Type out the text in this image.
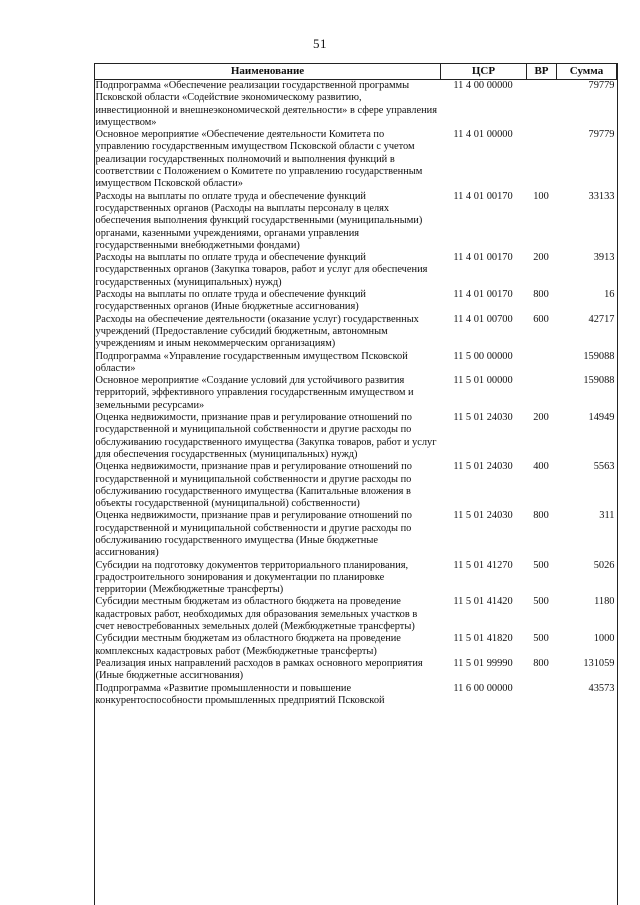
51
Наименование	ЦСР	ВР	Сумма
Подпрограмма «Обеспечение реализации государственной программы Псковской области «Содействие экономическому развитию, инвестиционной и внешнеэкономической деятельности» в сфере управления имуществом»	11 4 00 00000		79779
Основное мероприятие «Обеспечение деятельности Комитета по управлению государственным имуществом Псковской области с учетом реализации государственных полномочий и выполнения функций в соответствии с Положением о Комитете по управлению государственным имуществом Псковской области»	11 4 01 00000		79779
Расходы на выплаты по оплате труда и обеспечение функций государственных органов (Расходы на выплаты персоналу в целях обеспечения выполнения функций государственными (муниципальными) органами, казенными учреждениями, органами управления государственными внебюджетными фондами)	11 4 01 00170	100	33133
Расходы на выплаты по оплате труда и обеспечение функций государственных органов (Закупка товаров, работ и услуг для обеспечения государственных (муниципальных) нужд)	11 4 01 00170	200	3913
Расходы на выплаты по оплате труда и обеспечение функций государственных органов (Иные бюджетные ассигнования)	11 4 01 00170	800	16
Расходы на обеспечение деятельности (оказание услуг) государственных учреждений (Предоставление субсидий бюджетным, автономным учреждениям и иным некоммерческим организациям)	11 4 01 00700	600	42717
Подпрограмма «Управление государственным имуществом Псковской области»	11 5 00 00000		159088
Основное мероприятие «Создание условий для устойчивого развития территорий, эффективного управления государственным имуществом и земельными ресурсами»	11 5 01 00000		159088
Оценка недвижимости, признание прав и регулирование отношений по государственной и муниципальной собственности и другие расходы по обслуживанию государственного имущества (Закупка товаров, работ и услуг для обеспечения государственных (муниципальных) нужд)	11 5 01 24030	200	14949
Оценка недвижимости, признание прав и регулирование отношений по государственной и муниципальной собственности и другие расходы по обслуживанию государственного имущества (Капитальные вложения в объекты государственной (муниципальной) собственности)	11 5 01 24030	400	5563
Оценка недвижимости, признание прав и регулирование отношений по государственной и муниципальной собственности и другие расходы по обслуживанию государственного имущества (Иные бюджетные ассигнования)	11 5 01 24030	800	311
Субсидии на подготовку документов территориального планирования, градостроительного зонирования и документации по планировке территории (Межбюджетные трансферты)	11 5 01 41270	500	5026
Субсидии местным бюджетам из областного бюджета на проведение кадастровых работ, необходимых для образования земельных участков в счет невостребованных земельных долей (Межбюджетные трансферты)	11 5 01 41420	500	1180
Субсидии местным бюджетам из областного бюджета на проведение комплексных кадастровых работ (Межбюджетные трансферты)	11 5 01 41820	500	1000
Реализация иных направлений расходов в рамках основного мероприятия (Иные бюджетные ассигнования)	11 5 01 99990	800	131059
Подпрограмма «Развитие промышленности и повышение конкурентоспособности промышленных предприятий Псковской	11 6 00 00000		43573
